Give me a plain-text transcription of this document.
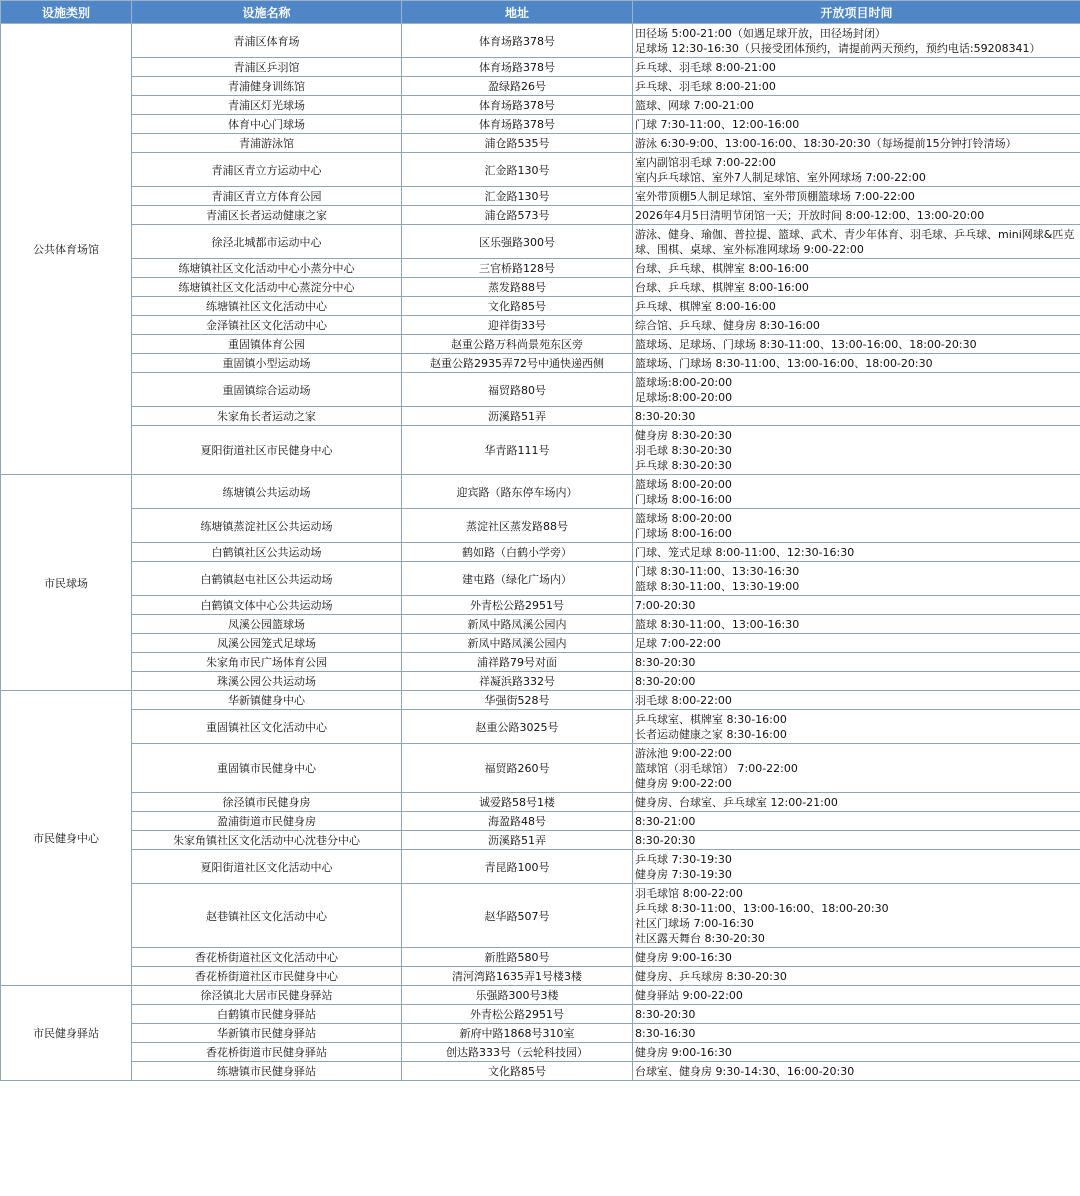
设施类别	设施名称	地址	开放项目时间
公共体育场馆	青浦区体育场	体育场路378号	田径场 5:00-21:00（如遇足球开放，田径场封闭）
足球场 12:30-16:30（只接受团体预约，请提前两天预约，预约电话:59208341）

	青浦区乒羽馆	体育场路378号	乒乓球、羽毛球 8:00-21:00

	青浦健身训练馆	盈绿路26号	乒乓球、羽毛球 8:00-21:00

	青浦区灯光球场	体育场路378号	篮球、网球 7:00-21:00

	体育中心门球场	体育场路378号	门球 7:30-11:00、12:00-16:00

	青浦游泳馆	浦仓路535号	游泳 6:30-9:00、13:00-16:00、18:30-20:30（每场提前15分钟打铃清场）

	青浦区青立方运动中心	汇金路130号	室内副馆羽毛球 7:00-22:00
室内乒乓球馆、室外7人制足球馆、室外网球场 7:00-22:00

	青浦区青立方体育公园	汇金路130号	室外带顶棚5人制足球馆、室外带顶棚篮球场 7:00-22:00

	青浦区长者运动健康之家	浦仓路573号	2026年4月5日清明节闭馆一天；开放时间 8:00-12:00、13:00-20:00

	徐泾北城都市运动中心	区乐强路300号	游泳、健身、瑜伽、普拉提、篮球、武术、青少年体育、羽毛球、乒乓球、mini网球&匹克球、围棋、桌球、室外标准网球场 9:00-22:00
	练塘镇社区文化活动中心小蒸分中心	三官桥路128号	台球、乒乓球、棋牌室 8:00-16:00

	练塘镇社区文化活动中心蒸淀分中心	蒸发路88号	台球、乒乓球、棋牌室 8:00-16:00

	练塘镇社区文化活动中心	文化路85号	乒乓球、棋牌室 8:00-16:00

	金泽镇社区文化活动中心	迎祥街33号	综合馆、乒乓球、健身房 8:30-16:00

	重固镇体育公园	赵重公路万科尚景苑东区旁	篮球场、足球场、门球场 8:30-11:00、13:00-16:00、18:00-20:30

	重固镇小型运动场	赵重公路2935弄72号中通快递西侧	篮球场、门球场 8:30-11:00、13:00-16:00、18:00-20:30

	重固镇综合运动场	福贸路80号	篮球场:8:00-20:00
足球场:8:00-20:00

	朱家角长者运动之家	沥溪路51弄	8:30-20:30

	夏阳街道社区市民健身中心	华青路111号	健身房 8:30-20:30
羽毛球 8:30-20:30
乒乓球 8:30-20:30

市民球场	练塘镇公共运动场	迎宾路（路东停车场内）	篮球场 8:00-20:00
门球场 8:00-16:00

	练塘镇蒸淀社区公共运动场	蒸淀社区蒸发路88号	篮球场 8:00-20:00
门球场 8:00-16:00

	白鹤镇社区公共运动场	鹤如路（白鹤小学旁）	门球、笼式足球 8:00-11:00、12:30-16:30

	白鹤镇赵屯社区公共运动场	建屯路（绿化广场内）	门球 8:30-11:00、13:30-16:30
篮球 8:30-11:00、13:30-19:00

	白鹤镇文体中心公共运动场	外青松公路2951号	7:00-20:30

	凤溪公园篮球场	新凤中路凤溪公园内	篮球 8:30-11:00、13:00-16:30

	凤溪公园笼式足球场	新凤中路凤溪公园内	足球 7:00-22:00

	朱家角市民广场体育公园	浦祥路79号对面	8:30-20:30

	珠溪公园公共运动场	祥凝浜路332号	8:30-20:00

市民健身中心	华新镇健身中心	华强街528号	羽毛球 8:00-22:00

	重固镇社区文化活动中心	赵重公路3025号	乒乓球室、棋牌室 8:30-16:00
长者运动健康之家 8:30-16:00

	重固镇市民健身中心	福贸路260号	游泳池 9:00-22:00
篮球馆（羽毛球馆） 7:00-22:00
健身房 9:00-22:00

	徐泾镇市民健身房	诚爱路58号1楼	健身房、台球室、乒乓球室 12:00-21:00

	盈浦街道市民健身房	海盈路48号	8:30-21:00

	朱家角镇社区文化活动中心沈巷分中心	沥溪路51弄	8:30-20:30

	夏阳街道社区文化活动中心	青昆路100号	乒乓球 7:30-19:30
健身房 7:30-19:30

	赵巷镇社区文化活动中心	赵华路507号	羽毛球馆 8:00-22:00
乒乓球 8:30-11:00、13:00-16:00、18:00-20:30
社区门球场 7:00-16:30
社区露天舞台 8:30-20:30

	香花桥街道社区文化活动中心	新胜路580号	健身房 9:00-16:30

	香花桥街道社区市民健身中心	清河湾路1635弄1号楼3楼	健身房、乒乓球房 8:30-20:30

市民健身驿站	徐泾镇北大居市民健身驿站	乐强路300号3楼	健身驿站 9:00-22:00

	白鹤镇市民健身驿站	外青松公路2951号	8:30-20:30

	华新镇市民健身驿站	新府中路1868号310室	8:30-16:30

	香花桥街道市民健身驿站	创达路333号（云轮科技园）	健身房 9:00-16:30

	练塘镇市民健身驿站	文化路85号	台球室、健身房 9:30-14:30、16:00-20:30
